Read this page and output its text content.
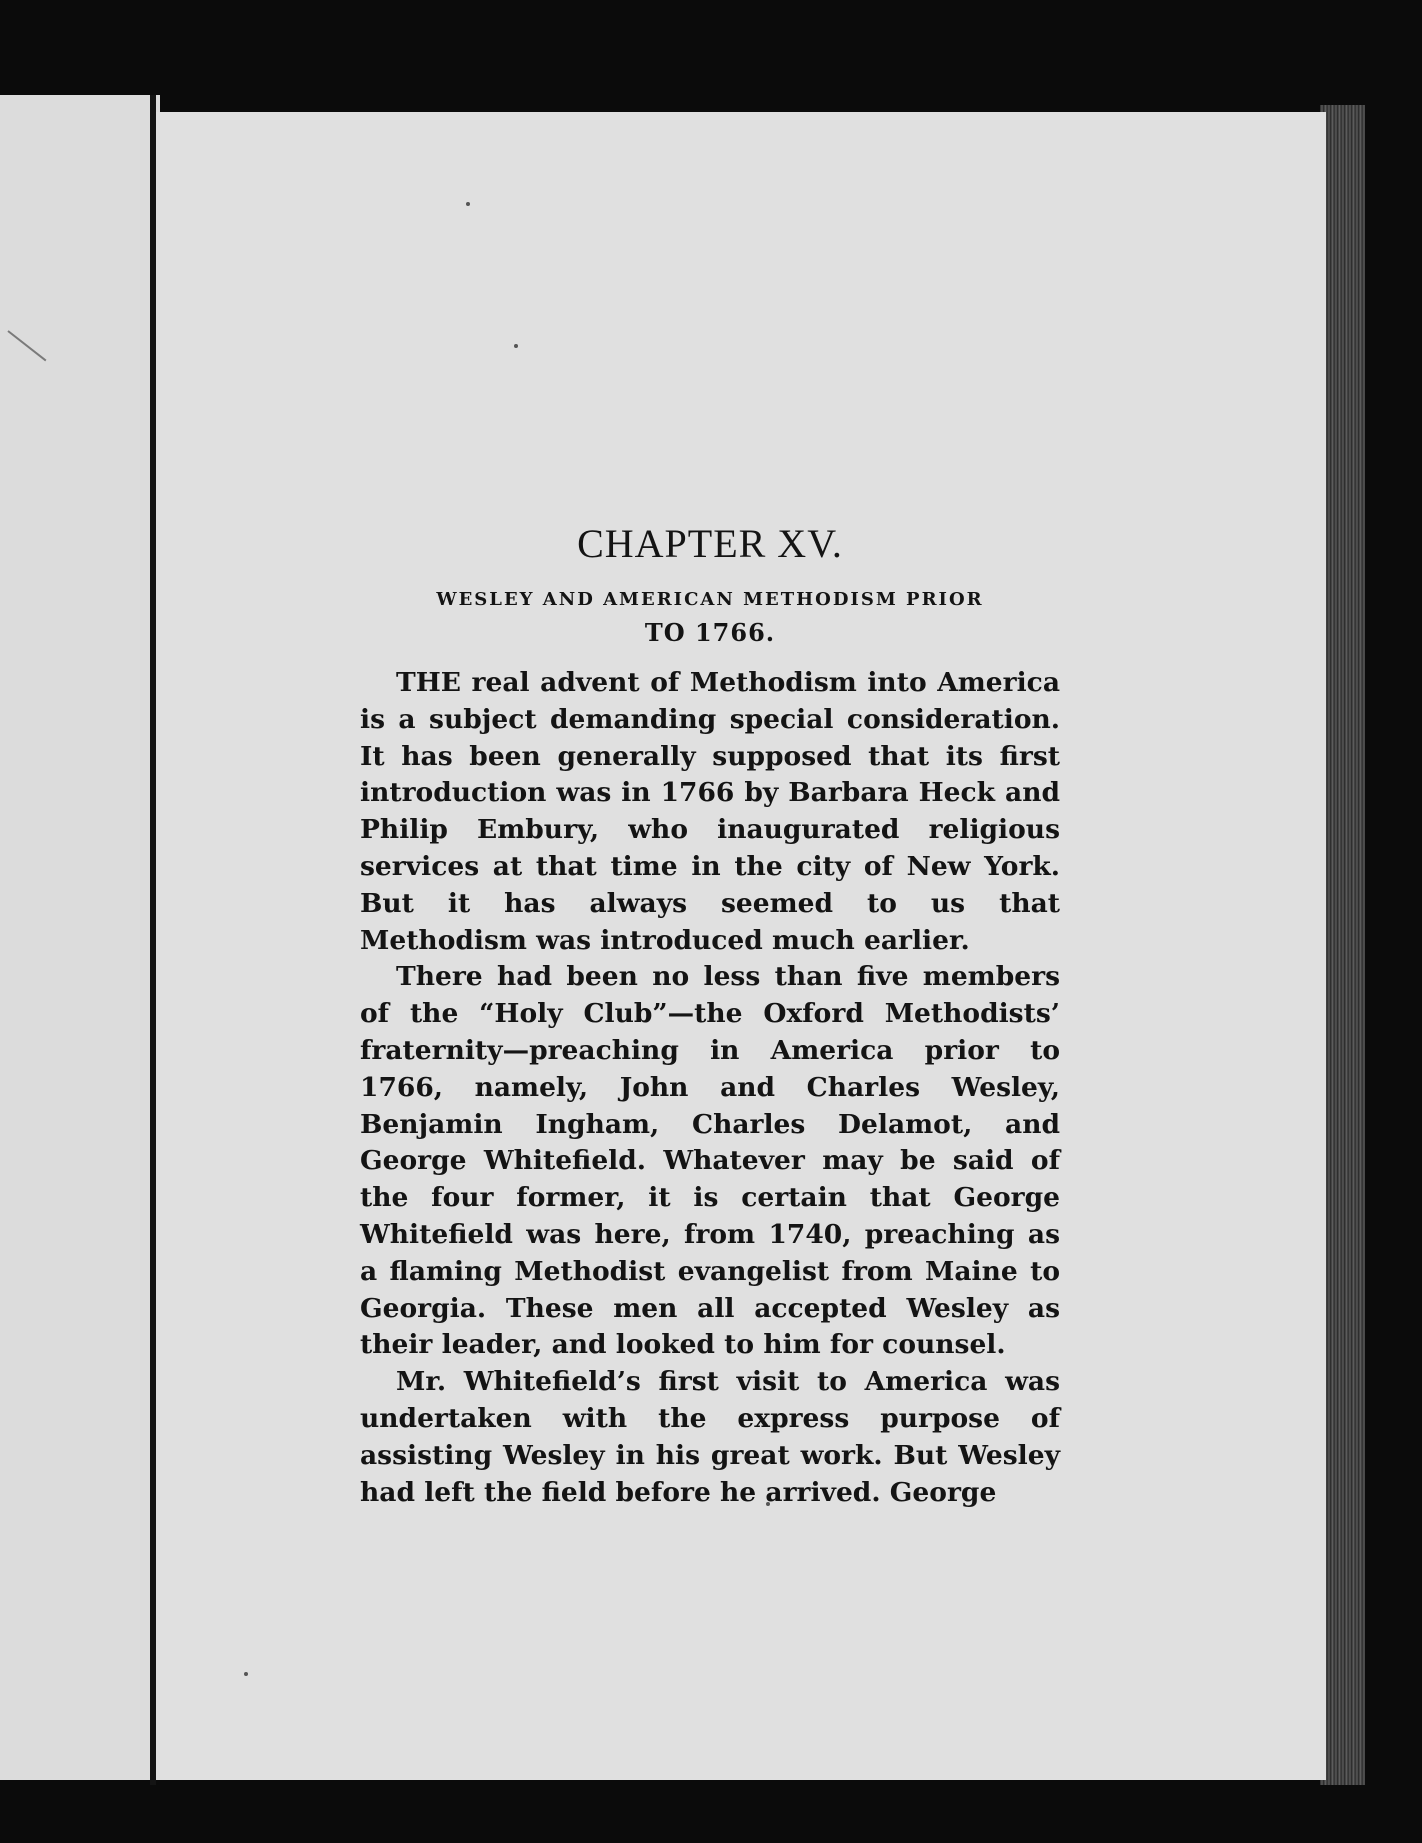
CHAPTER XV.

WESLEY AND AMERICAN METHODISM PRIOR

TO 1766.

THE real advent of Methodism into America is a subject demanding special consideration. It has been generally supposed that its first introduction was in 1766 by Barbara Heck and Philip Embury, who inaugurated religious services at that time in the city of New York. But it has always seemed to us that Methodism was introduced much earlier.

There had been no less than five members of the “Holy Club”—the Oxford Methodists’ fraternity—preaching in America prior to 1766, namely, John and Charles Wesley, Benjamin Ingham, Charles Delamot, and George Whitefield. Whatever may be said of the four former, it is certain that George Whitefield was here, from 1740, preaching as a flaming Methodist evangelist from Maine to Georgia. These men all accepted Wesley as their leader, and looked to him for counsel.

Mr. Whitefield’s first visit to America was undertaken with the express purpose of assisting Wesley in his great work. But Wesley had left the field before he arrived. George
